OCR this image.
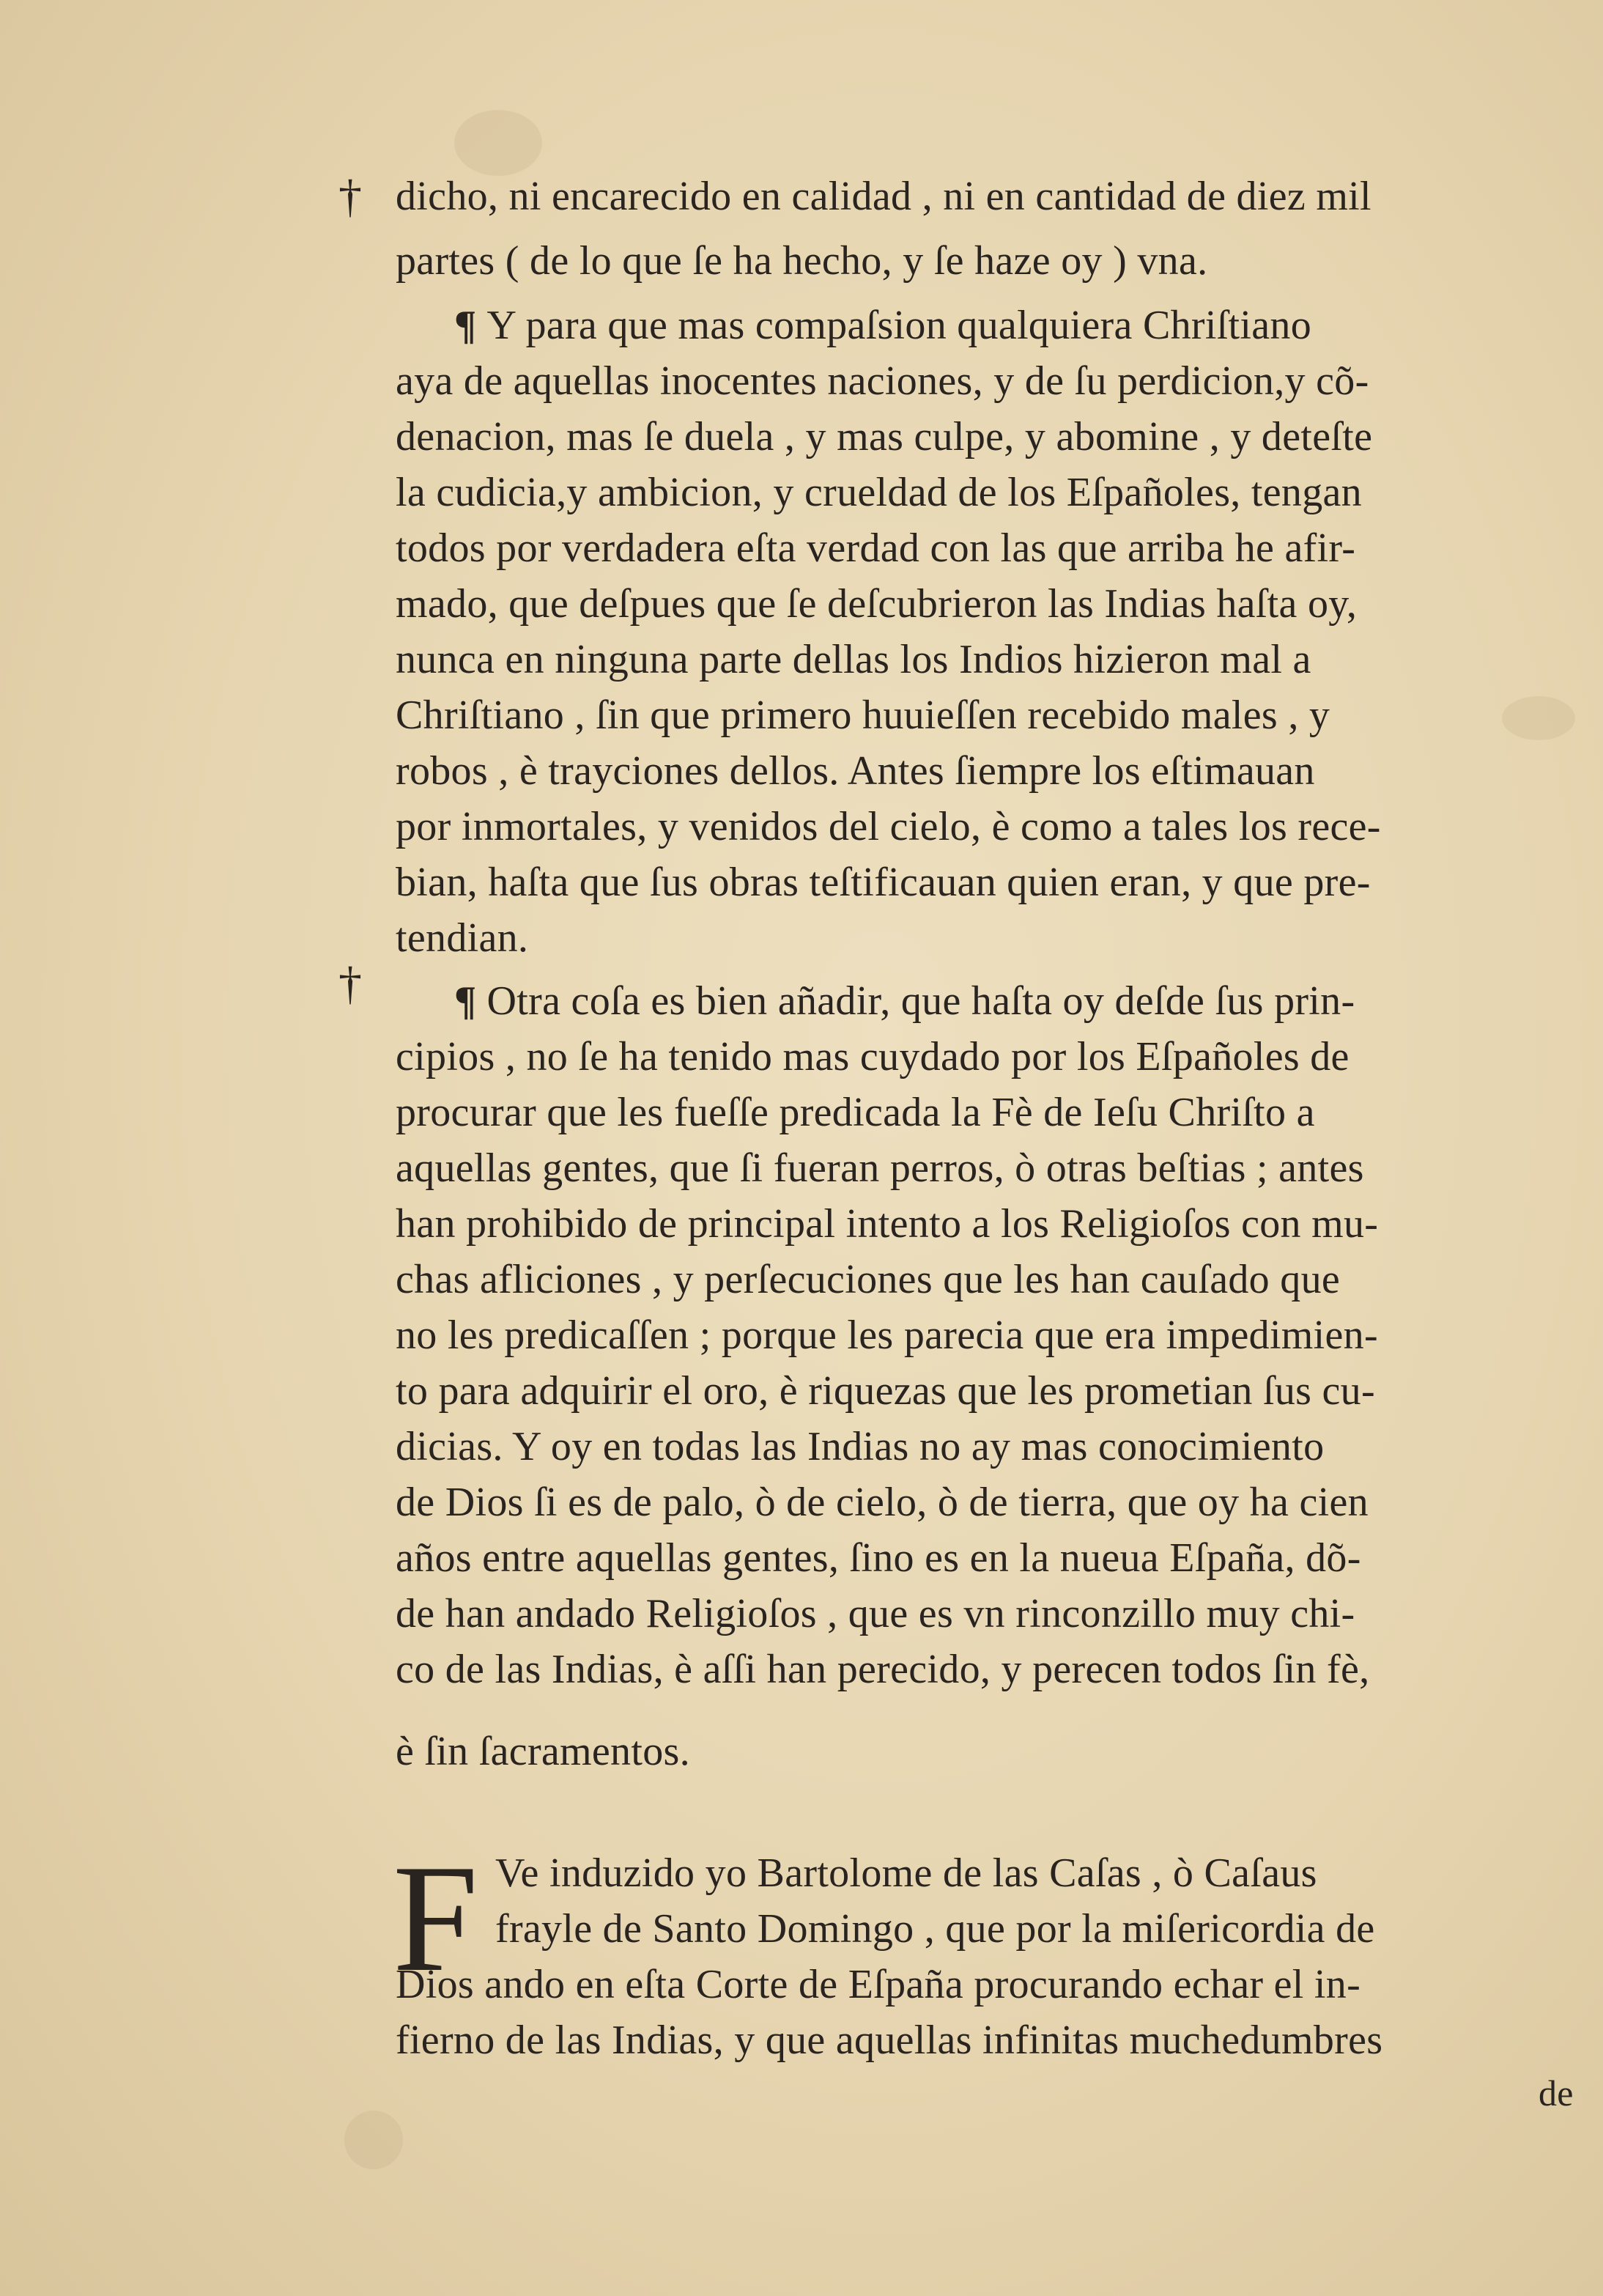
†
†
dicho, ni encarecido en calidad , ni en cantidad de diez mil
partes ( de lo que ſe ha hecho, y ſe haze oy ) vna.
¶ Y para que mas compaſsion qualquiera Chriſtiano
aya de aquellas inocentes naciones, y de ſu perdicion,y cõ-
denacion, mas ſe duela , y mas culpe, y abomine , y deteſte
la cudicia,y ambicion, y crueldad de los Eſpañoles, tengan
todos por verdadera eſta verdad con las que arriba he afir-
mado, que deſpues que ſe deſcubrieron las Indias haſta oy,
nunca en ninguna parte dellas los Indios hizieron mal a
Chriſtiano , ſin que primero huuieſſen recebido males , y
robos , è trayciones dellos. Antes ſiempre los eſtimauan
por inmortales, y venidos del cielo, è como a tales los rece-
bian, haſta que ſus obras teſtificauan quien eran, y que pre-
tendian.
¶ Otra coſa es bien añadir, que haſta oy deſde ſus prin-
cipios , no ſe ha tenido mas cuydado por los Eſpañoles de
procurar que les fueſſe predicada la Fè de Ieſu Chriſto a
aquellas gentes, que ſi fueran perros, ò otras beſtias ; antes
han prohibido de principal intento a los Religioſos con mu-
chas afliciones , y perſecuciones que les han cauſado que
no les predicaſſen ; porque les parecia que era impedimien-
to para adquirir el oro, è riquezas que les prometian ſus cu-
dicias. Y oy en todas las Indias no ay mas conocimiento
de Dios ſi es de palo, ò de cielo, ò de tierra, que oy ha cien
años entre aquellas gentes, ſino es en la nueua Eſpaña, dõ-
de han andado Religioſos , que es vn rinconzillo muy chi-
co de las Indias, è aſſi han perecido, y perecen todos ſin fè,
è ſin ſacramentos.
F Ve induzido yo Bartolome de las Caſas , ò Caſaus
frayle de Santo Domingo , que por la miſericordia de
Dios ando en eſta Corte de Eſpaña procurando echar el in-
fierno de las Indias, y que aquellas infinitas muchedumbres
de
